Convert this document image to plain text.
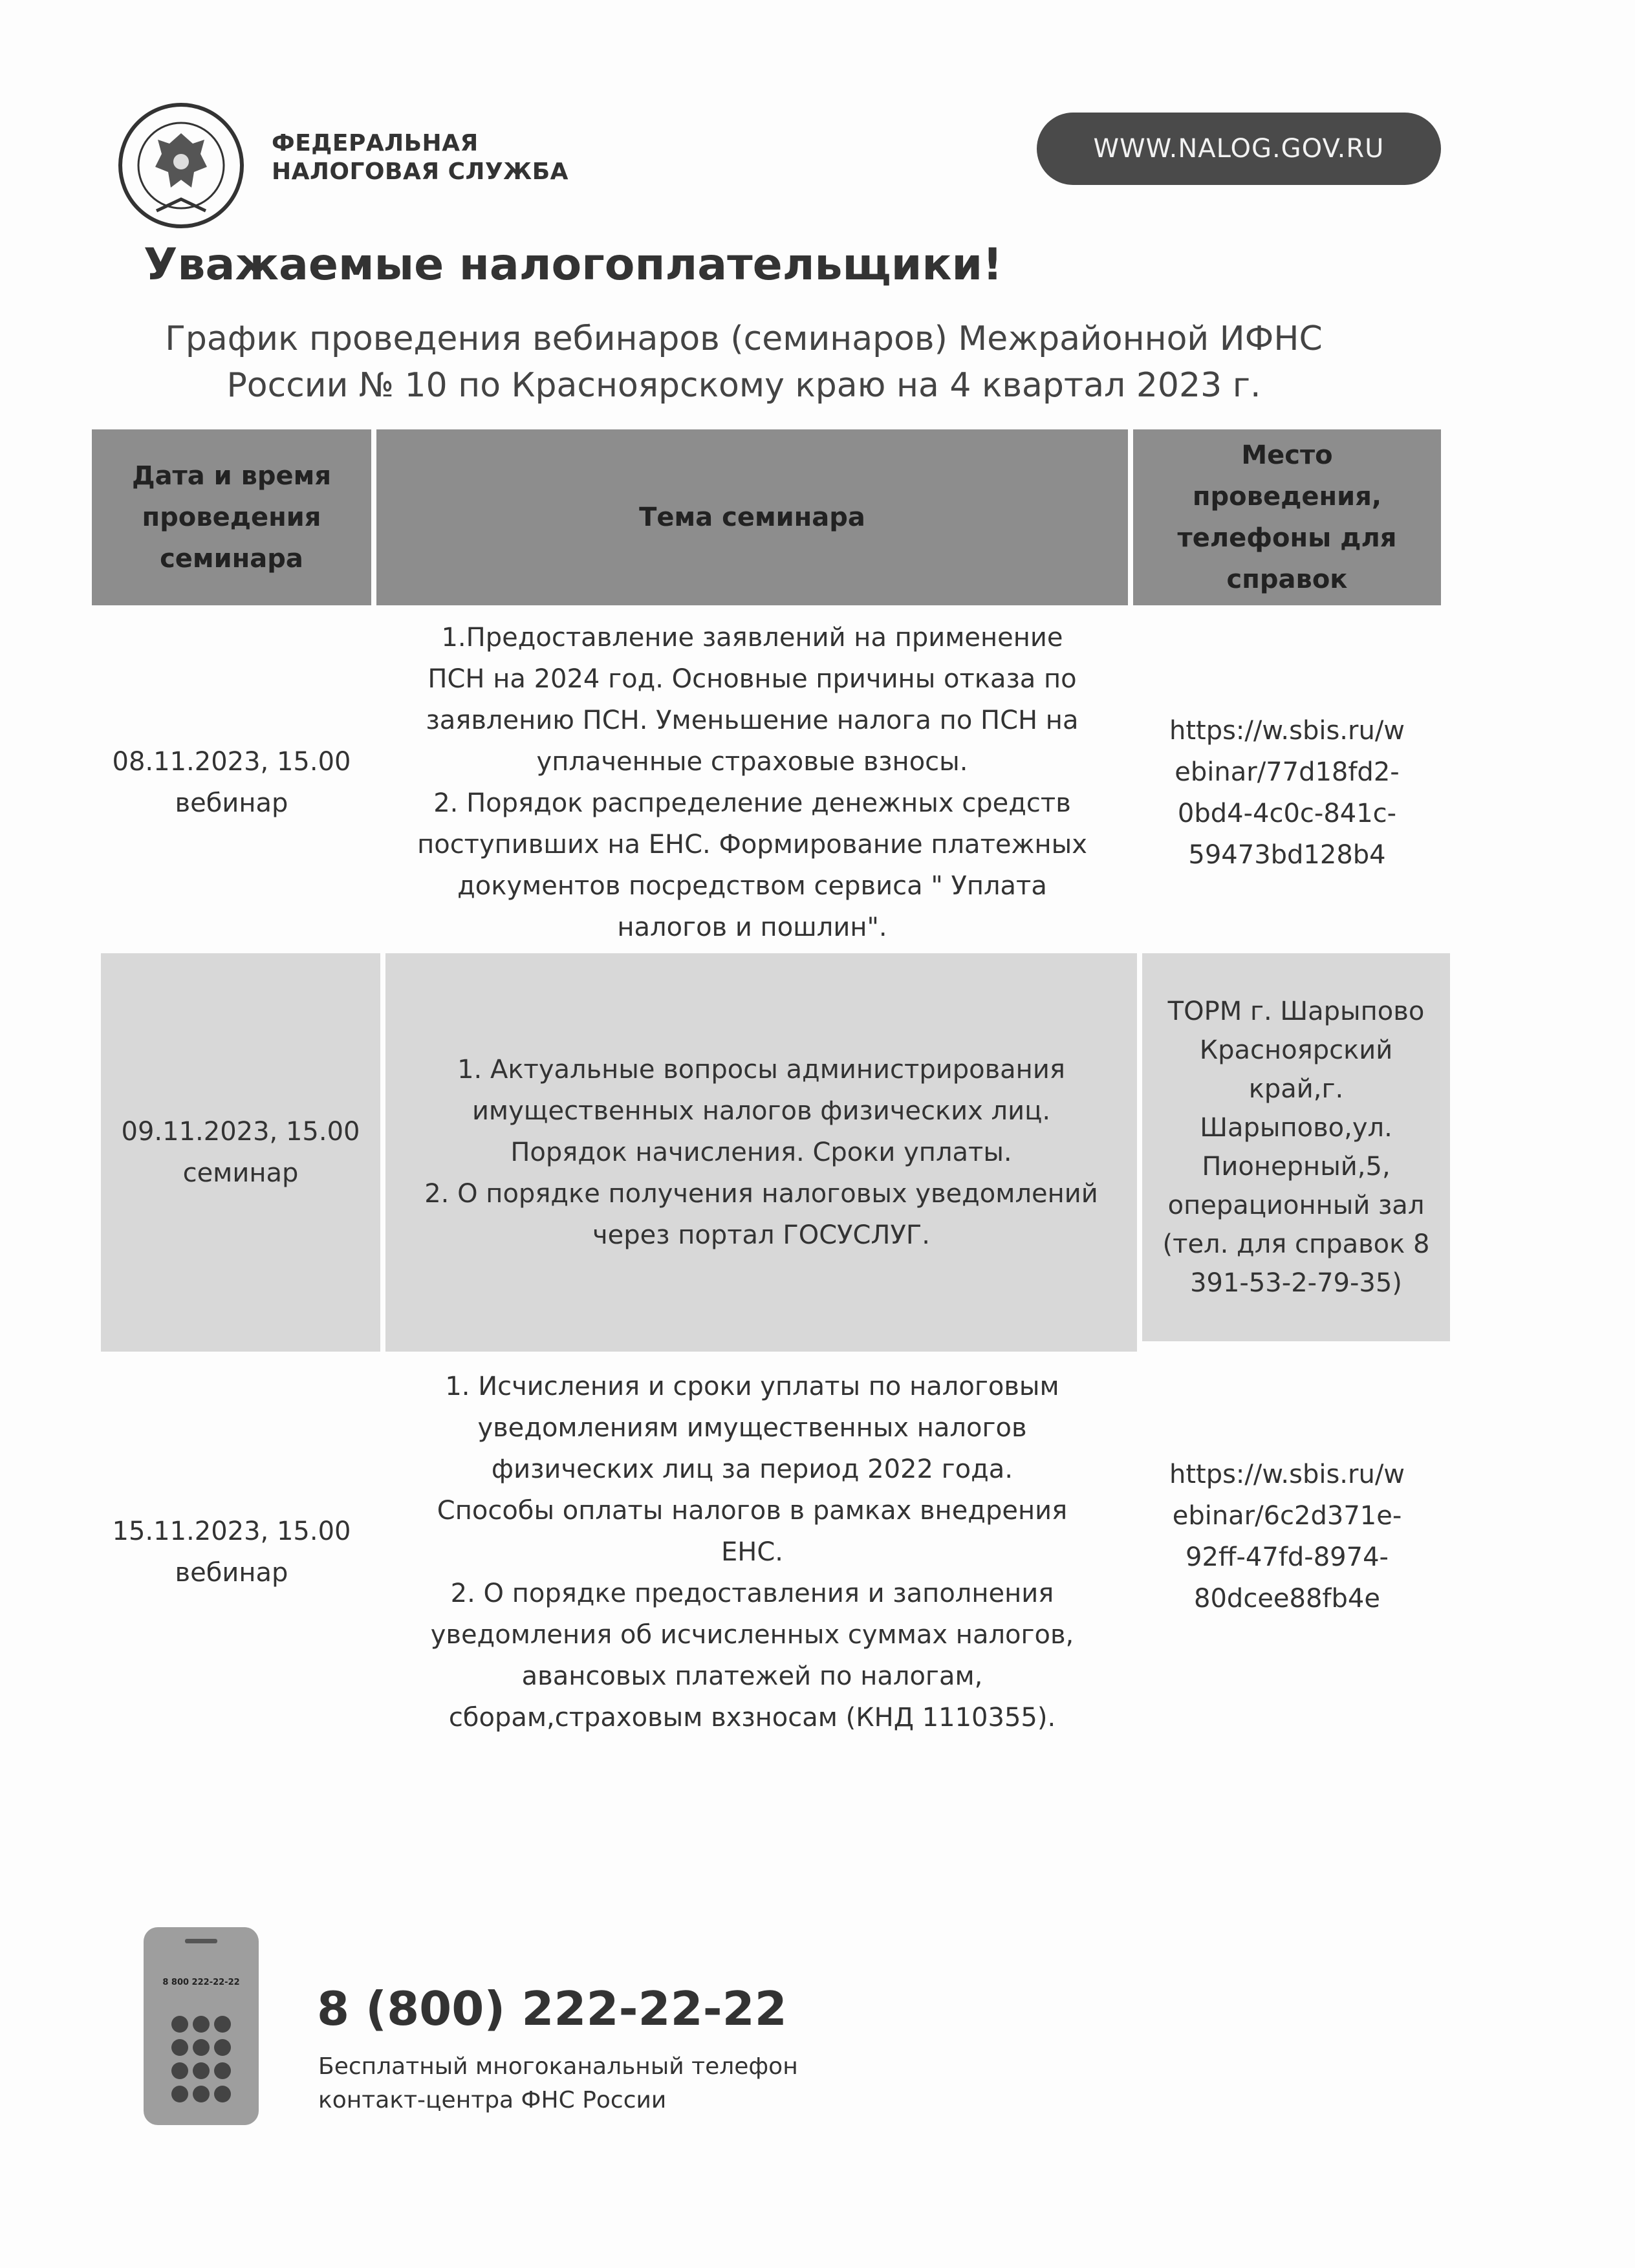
ФЕДЕРАЛЬНАЯ
НАЛОГОВАЯ СЛУЖБА
WWW.NALOG.GOV.RU
Уважаемые налогоплательщики!
График проведения вебинаров (семинаров) Межрайонной ИФНС
России № 10 по Красноярскому краю на 4 квартал 2023 г.
Дата и время
проведения
семинара
Тема семинара
Место
проведения,
телефоны для
справок
08.11.2023, 15.00
вебинар
1.Предоставление заявлений на применение
ПСН на 2024 год. Основные причины отказа по
заявлению ПСН. Уменьшение налога по ПСН на
уплаченные страховые взносы.
2. Порядок распределение денежных средств
поступивших на ЕНС. Формирование платежных
документов посредством сервиса " Уплата
налогов и пошлин".
https://w.sbis.ru/w
ebinar/77d18fd2-
0bd4-4c0c-841c-
59473bd128b4
09.11.2023, 15.00
семинар
1. Актуальные вопросы администрирования
имущественных налогов физических лиц.
Порядок начисления. Сроки уплаты.
2. О порядке получения налоговых уведомлений
через портал ГОСУСЛУГ.
ТОРМ г. Шарыпово
Красноярский
край,г.
Шарыпово,ул.
Пионерный,5,
операционный зал
(тел. для справок 8
391-53-2-79-35)
15.11.2023, 15.00
вебинар
1. Исчисления и сроки уплаты по налоговым
уведомлениям имущественных налогов
физических лиц за период 2022 года.
Способы оплаты налогов в рамках внедрения
ЕНС.
2. О порядке предоставления и заполнения
уведомления об исчисленных суммах налогов,
авансовых платежей по налогам,
сборам,страховым вхзносам (КНД 1110355).
https://w.sbis.ru/w
ebinar/6c2d371e-
92ff-47fd-8974-
80dcee88fb4e
8 800 222-22-22	8 (800) 222-22-22
Бесплатный многоканальный телефон
контакт-центра ФНС России
